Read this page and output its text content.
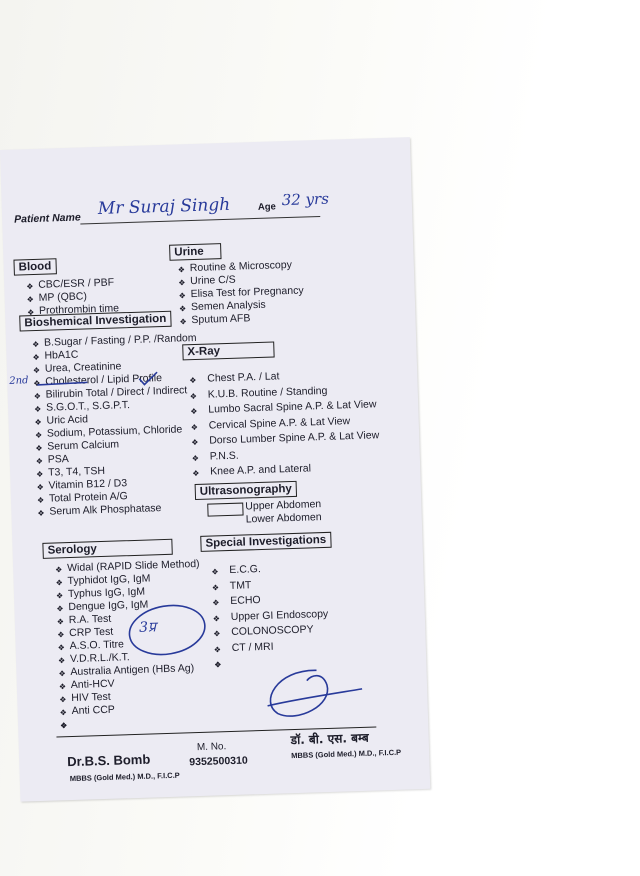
Patient Name Mr Suraj Singh	Age 32 yrs
Blood
❖ CBC/ESR / PBF
❖ MP (QBC)
❖ Prothrombin time
Bioshemical Investigation
❖ B.Sugar / Fasting / P.P. /Random
❖ HbA1C
❖ Urea, Creatinine
❖ Cholesterol / Lipid Profile
❖ Bilirubin Total / Direct / Indirect
❖ S.G.O.T., S.G.P.T.
❖ Uric Acid
❖ Sodium, Potassium, Chloride
❖ Serum Calcium
❖ PSA
❖ T3, T4, TSH
❖ Vitamin B12 / D3
❖ Total Protein A/G
❖ Serum Alk Phosphatase
2nd
Serology
❖ Widal (RAPID Slide Method)
❖ Typhidot IgG, IgM
❖ Typhus IgG, IgM
❖ Dengue IgG, IgM
❖ R.A. Test
❖ CRP Test
❖ A.S.O. Titre
❖ V.D.R.L./K.T.
❖ Australia Antigen (HBs Ag)
❖ Anti-HCV
❖ HIV Test
❖ Anti CCP
❖
❖
❖
3प्र
Urine
❖ Routine & Microscopy
❖ Urine C/S
❖ Elisa Test for Pregnancy
❖ Semen Analysis
❖ Sputum AFB
X-Ray
❖ Chest P.A. / Lat
❖ K.U.B. Routine / Standing
❖ Lumbo Sacral Spine A.P. & Lat View
❖ Cervical Spine A.P. & Lat View
❖ Dorso Lumber Spine A.P. & Lat View
❖ P.N.S.
❖ Knee A.P. and Lateral
Ultrasonography
Upper Abdomen
Lower Abdomen
Special Investigations
❖ E.C.G.
❖ TMT
❖ ECHO
❖ Upper GI Endoscopy
❖ COLONOSCOPY
❖ CT / MRI
❖
❖
Dr.B.S. Bomb
MBBS (Gold Med.) M.D., F.I.C.P
M. No.
9352500310
डॉ. बी. एस. बम्ब
MBBS (Gold Med.) M.D., F.I.C.P
